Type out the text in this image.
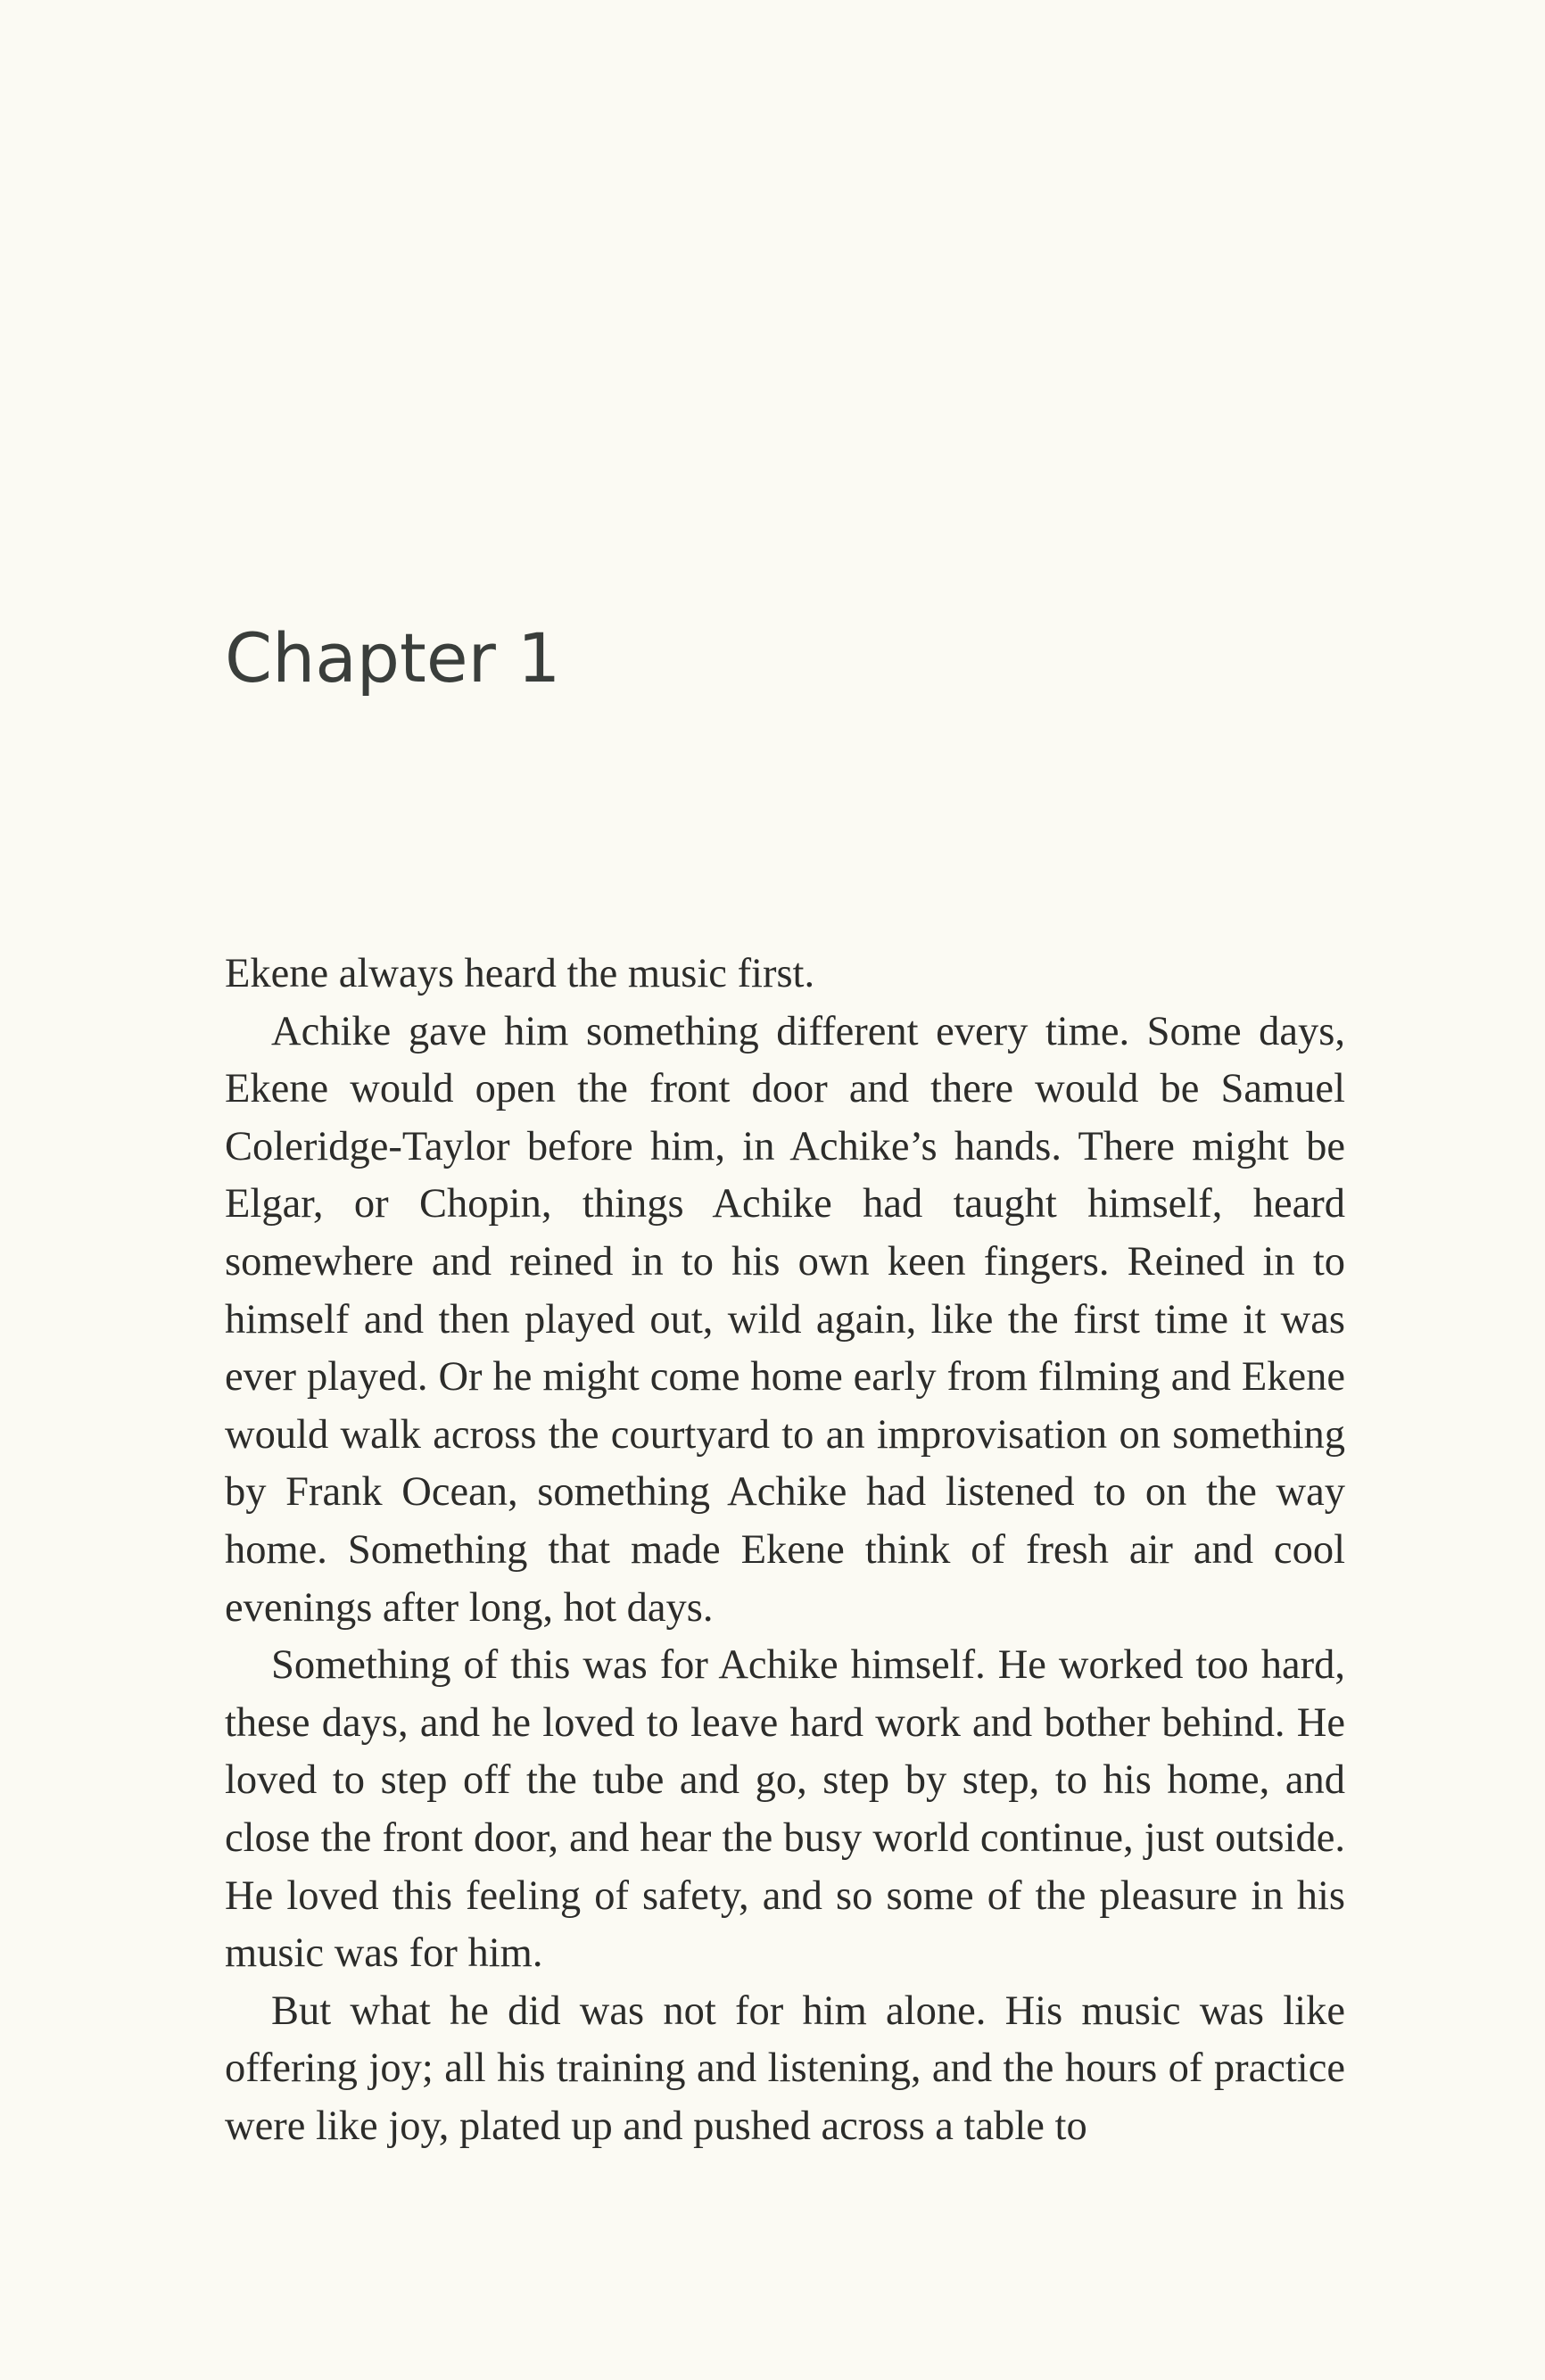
Chapter 1

Ekene always heard the music first.

Achike gave him something different every time. Some days, Ekene would open the front door and there would be Samuel Coleridge-Taylor before him, in Achike’s hands. There might be Elgar, or Chopin, things Achike had taught himself, heard somewhere and reined in to his own keen fingers. Reined in to himself and then played out, wild again, like the first time it was ever played. Or he might come home early from filming and Ekene would walk across the courtyard to an improvisation on something by Frank Ocean, something Achike had listened to on the way home. Something that made Ekene think of fresh air and cool evenings after long, hot days.

Something of this was for Achike himself. He worked too hard, these days, and he loved to leave hard work and bother behind. He loved to step off the tube and go, step by step, to his home, and close the front door, and hear the busy world continue, just outside. He loved this feeling of safety, and so some of the pleasure in his music was for him.

But what he did was not for him alone. His music was like offering joy; all his training and listening, and the hours of practice were like joy, plated up and pushed across a table to
